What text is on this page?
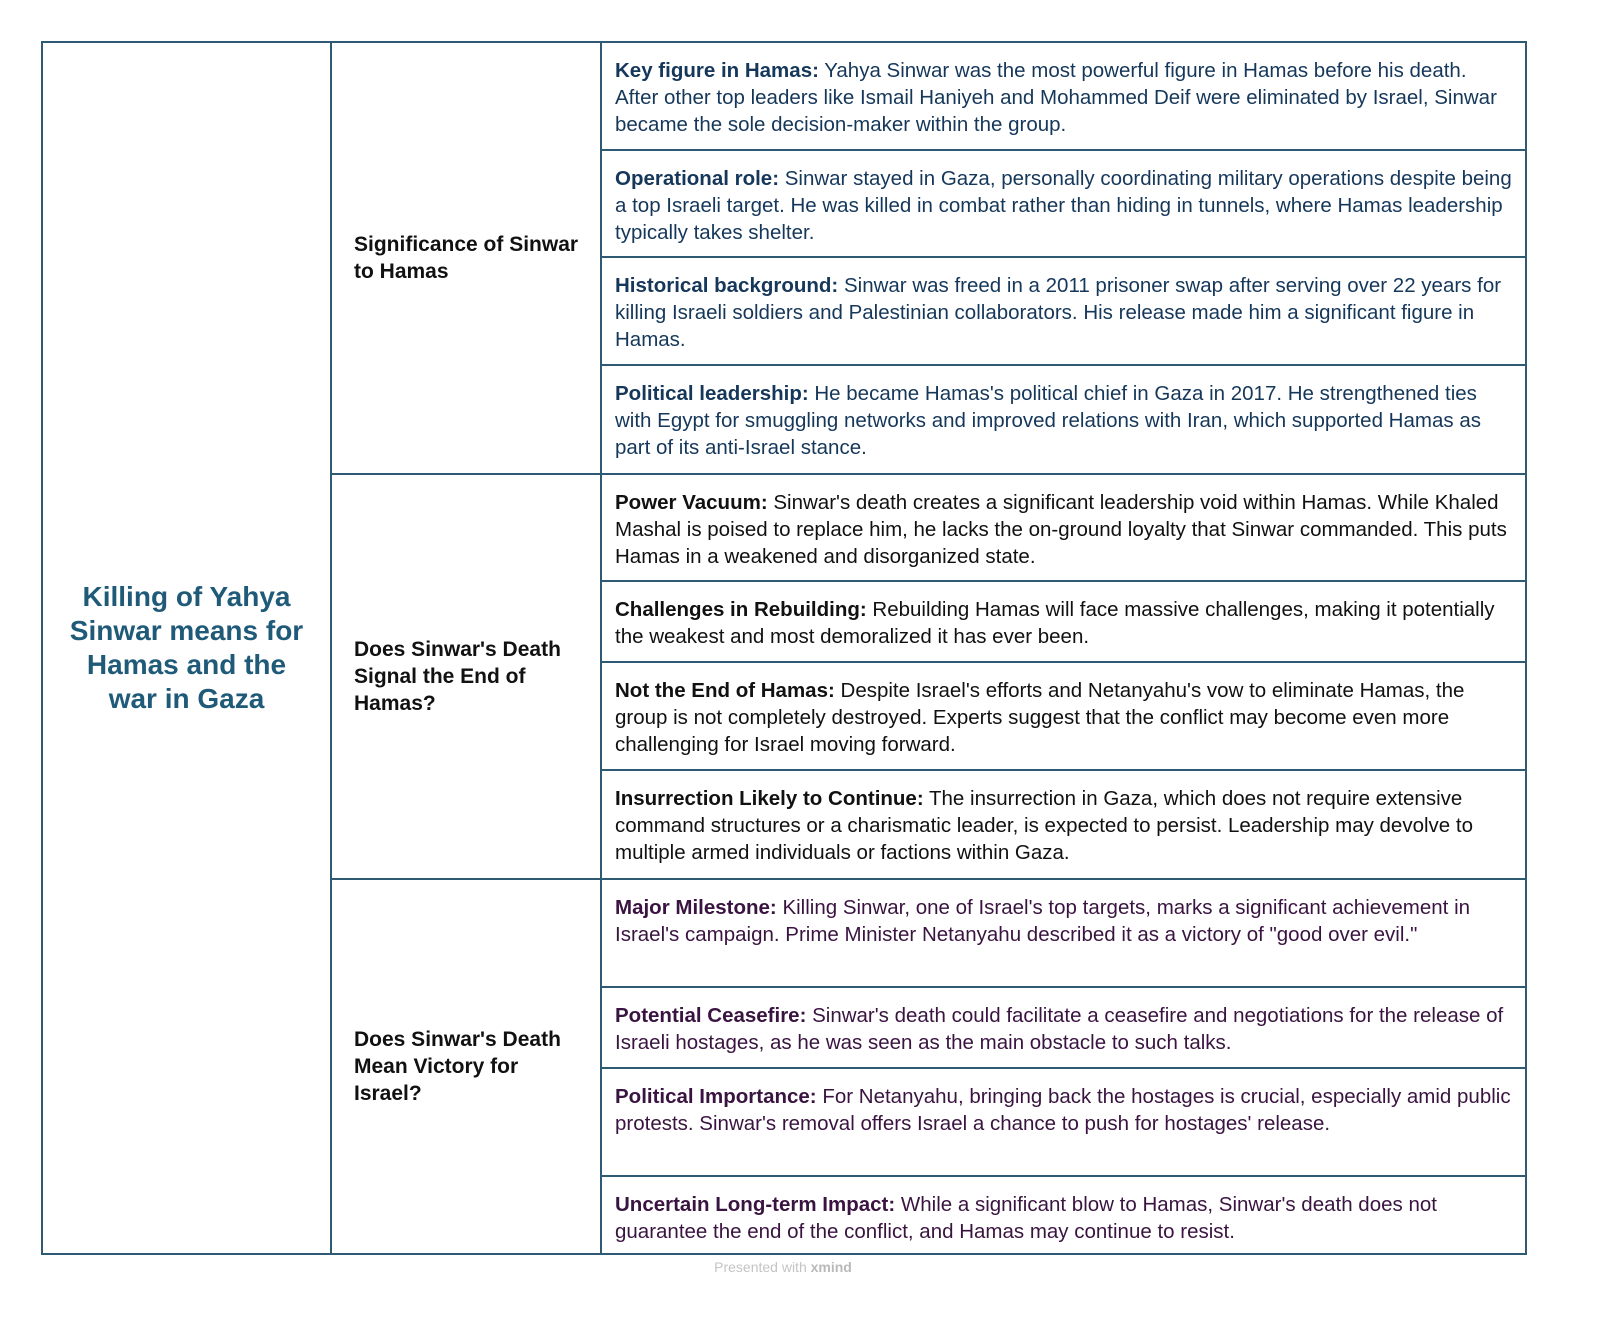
Killing of Yahya Sinwar means for Hamas and the war in Gaza
Significance of Sinwar to Hamas
Key figure in Hamas: Yahya Sinwar was the most powerful figure in Hamas before his death. After other top leaders like Ismail Haniyeh and Mohammed Deif were eliminated by Israel, Sinwar became the sole decision-maker within the group.
Operational role: Sinwar stayed in Gaza, personally coordinating military operations despite being a top Israeli target. He was killed in combat rather than hiding in tunnels, where Hamas leadership typically takes shelter.
Historical background: Sinwar was freed in a 2011 prisoner swap after serving over 22 years for killing Israeli soldiers and Palestinian collaborators. His release made him a significant figure in Hamas.
Political leadership: He became Hamas's political chief in Gaza in 2017. He strengthened ties with Egypt for smuggling networks and improved relations with Iran, which supported Hamas as part of its anti-Israel stance.
Does Sinwar's Death Signal the End of Hamas?
Power Vacuum: Sinwar's death creates a significant leadership void within Hamas. While Khaled Mashal is poised to replace him, he lacks the on-ground loyalty that Sinwar commanded. This puts Hamas in a weakened and disorganized state.
Challenges in Rebuilding: Rebuilding Hamas will face massive challenges, making it potentially the weakest and most demoralized it has ever been.
Not the End of Hamas: Despite Israel's efforts and Netanyahu's vow to eliminate Hamas, the group is not completely destroyed. Experts suggest that the conflict may become even more challenging for Israel moving forward.
Insurrection Likely to Continue: The insurrection in Gaza, which does not require extensive command structures or a charismatic leader, is expected to persist. Leadership may devolve to multiple armed individuals or factions within Gaza.
Does Sinwar's Death Mean Victory for Israel?
Major Milestone: Killing Sinwar, one of Israel's top targets, marks a significant achievement in Israel's campaign. Prime Minister Netanyahu described it as a victory of "good over evil."
Potential Ceasefire: Sinwar's death could facilitate a ceasefire and negotiations for the release of Israeli hostages, as he was seen as the main obstacle to such talks.
Political Importance: For Netanyahu, bringing back the hostages is crucial, especially amid public protests. Sinwar's removal offers Israel a chance to push for hostages' release.
Uncertain Long-term Impact: While a significant blow to Hamas, Sinwar's death does not guarantee the end of the conflict, and Hamas may continue to resist.
Presented with xmind
